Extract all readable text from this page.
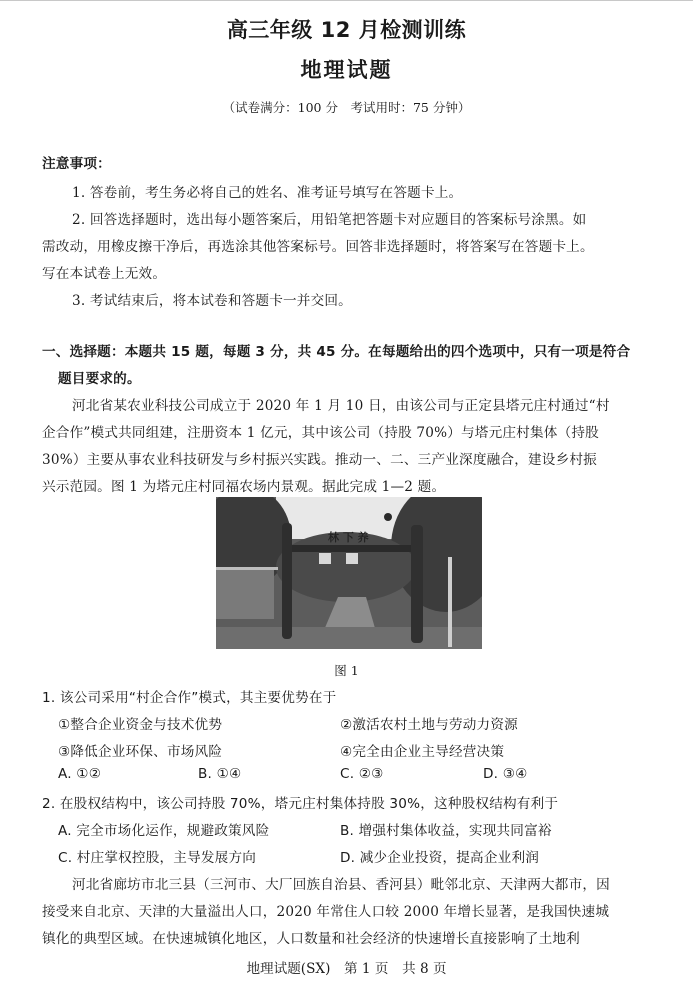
高三年级 12 月检测训练
地理试题
（试卷满分：100 分　考试用时：75 分钟）
注意事项：
1. 答卷前，考生务必将自己的姓名、准考证号填写在答题卡上。
2. 回答选择题时，选出每小题答案后，用铅笔把答题卡对应题目的答案标号涂黑。如
需改动，用橡皮擦干净后，再选涂其他答案标号。回答非选择题时，将答案写在答题卡上。
写在本试卷上无效。
3. 考试结束后，将本试卷和答题卡一并交回。
一、选择题：本题共 15 题，每题 3 分，共 45 分。在每题给出的四个选项中，只有一项是符合
题目要求的。
河北省某农业科技公司成立于 2020 年 1 月 10 日，由该公司与正定县塔元庄村通过“村
企合作”模式共同组建，注册资本 1 亿元，其中该公司（持股 70%）与塔元庄村集体（持股
30%）主要从事农业科技研发与乡村振兴实践。推动一、二、三产业深度融合，建设乡村振
兴示范园。图 1 为塔元庄村同福农场内景观。据此完成 1—2 题。
林 下 养
图 1
1. 该公司采用“村企合作”模式，其主要优势在于
①整合企业资金与技术优势	②激活农村土地与劳动力资源
③降低企业环保、市场风险	④完全由企业主导经营决策
A. ①②	B. ①④	C. ②③	D. ③④
2. 在股权结构中，该公司持股 70%，塔元庄村集体持股 30%，这种股权结构有利于
A. 完全市场化运作，规避政策风险	B. 增强村集体收益，实现共同富裕
C. 村庄掌权控股，主导发展方向	D. 减少企业投资，提高企业利润
河北省廊坊市北三县（三河市、大厂回族自治县、香河县）毗邻北京、天津两大都市，因
接受来自北京、天津的大量溢出人口，2020 年常住人口较 2000 年增长显著，是我国快速城
镇化的典型区域。在快速城镇化地区，人口数量和社会经济的快速增长直接影响了土地利
地理试题(SX)　第 1 页　共 8 页
